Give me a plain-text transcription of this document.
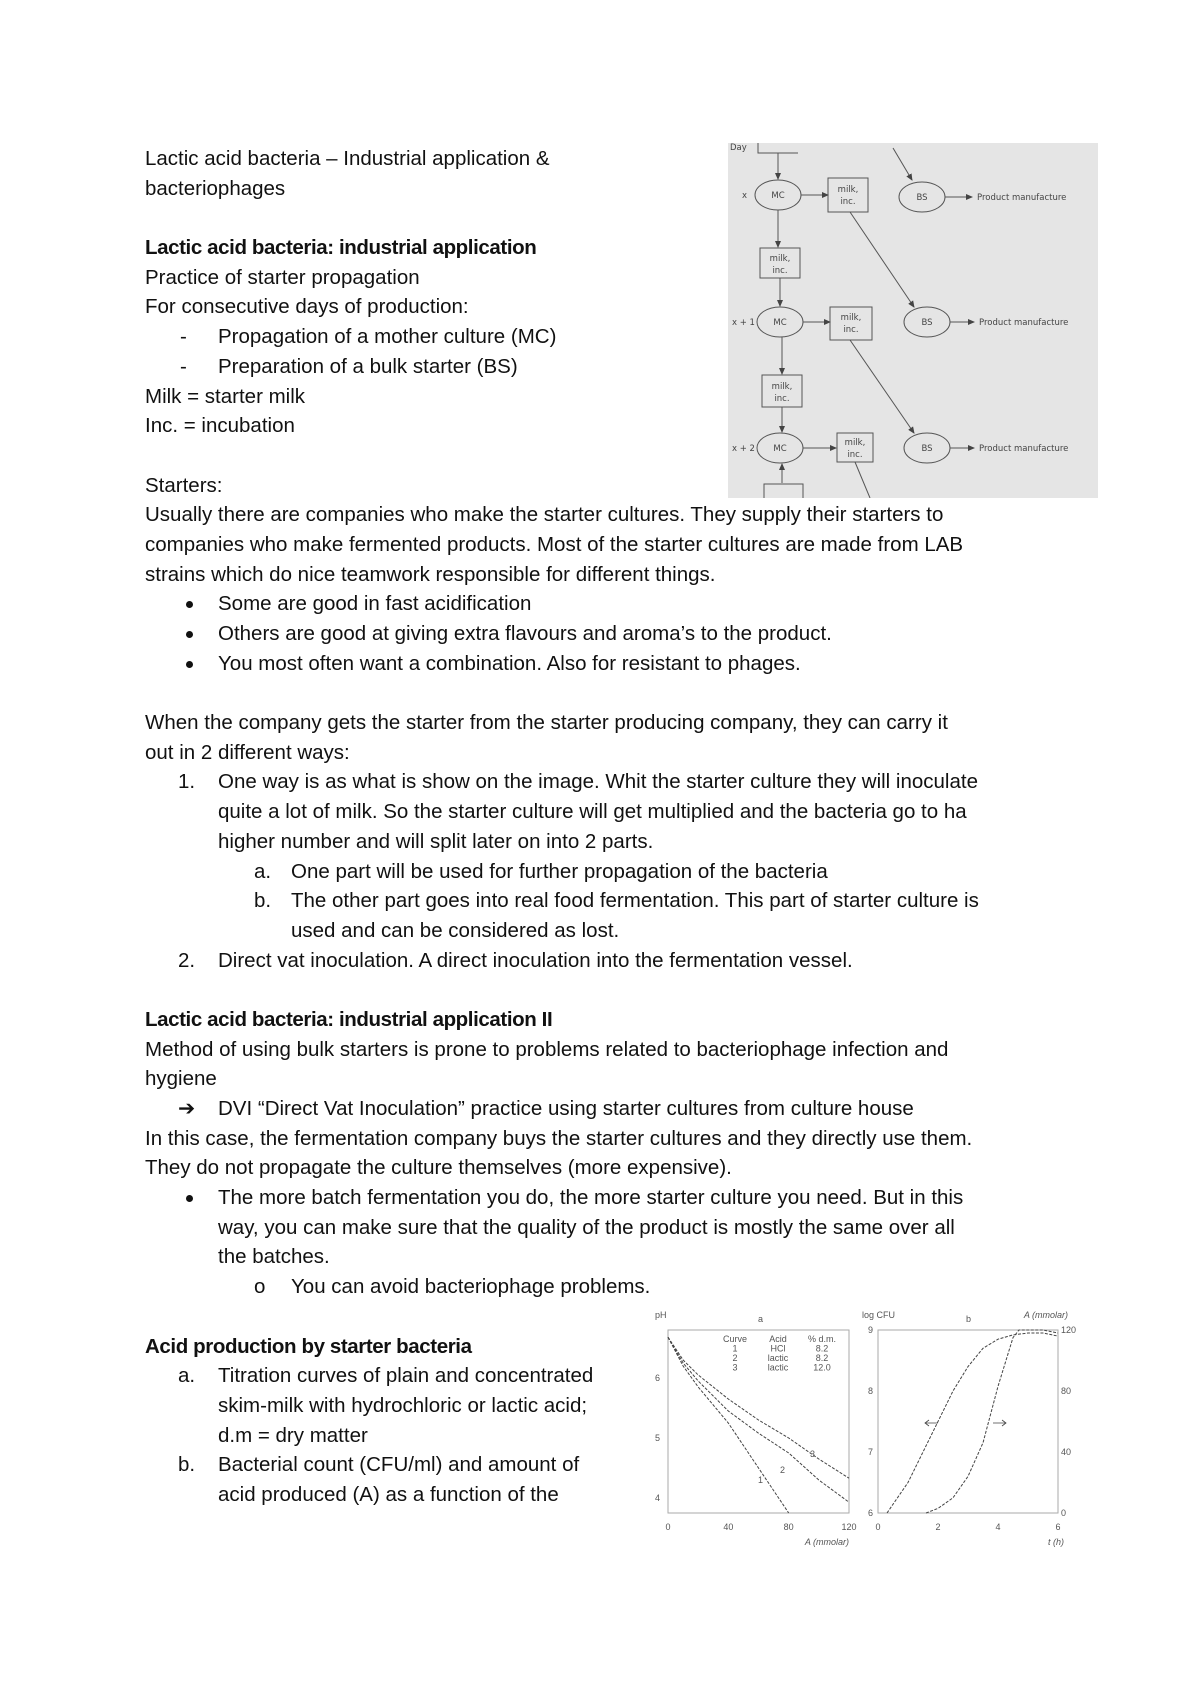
Lactic acid bacteria – Industrial application &
bacteriophages
Lactic acid bacteria: industrial application
Practice of starter propagation
For consecutive days of production:
- Propagation of a mother culture (MC)
- Preparation of a bulk starter (BS)
Milk = starter milk
Inc. = incubation
Starters:
Usually there are companies who make the starter cultures. They supply their starters to
companies who make fermented products. Most of the starter cultures are made from LAB
strains which do nice teamwork responsible for different things.
Some are good in fast acidification
Others are good at giving extra flavours and aroma’s to the product.
You most often want a combination. Also for resistant to phages.
When the company gets the starter from the starter producing company, they can carry it
out in 2 different ways:
1. One way is as what is show on the image. Whit the starter culture they will inoculate
quite a lot of milk. So the starter culture will get multiplied and the bacteria go to ha
higher number and will split later on into 2 parts.
a. One part will be used for further propagation of the bacteria
b. The other part goes into real food fermentation. This part of starter culture is
used and can be considered as lost.
2. Direct vat inoculation. A direct inoculation into the fermentation vessel.
Lactic acid bacteria: industrial application II
Method of using bulk starters is prone to problems related to bacteriophage infection and
hygiene
➔ DVI “Direct Vat Inoculation” practice using starter cultures from culture house
In this case, the fermentation company buys the starter cultures and they directly use them.
They do not propagate the culture themselves (more expensive).
The more batch fermentation you do, the more starter culture you need. But in this
way, you can make sure that the quality of the product is mostly the same over all
the batches.
o You can avoid bacteriophage problems.
Acid production by starter bacteria
a. Titration curves of plain and concentrated
skim-milk with hydrochloric or lactic acid;
d.m = dry matter
b. Bacterial count (CFU/ml) and amount of
acid produced (A) as a function of the
Day
x
x + 1
x + 2
MC
MC
MC
BS
BS
BS
milk,
inc.
milk,
inc.
milk,
inc.
milk,
inc.
milk,
inc.
Product manufacture
Product manufacture
Product manufacture
pH	a
A (mmolar)
0	40	80	120
4
5
6
Curve Acid % d.m.
1	HCl	8.2
2	lactic	8.2
3	lactic	12.0
1
2
3
log CFU	b	A (mmolar)
t (h)
0	2	4	6
6
7
8
9
0
40
80
120
